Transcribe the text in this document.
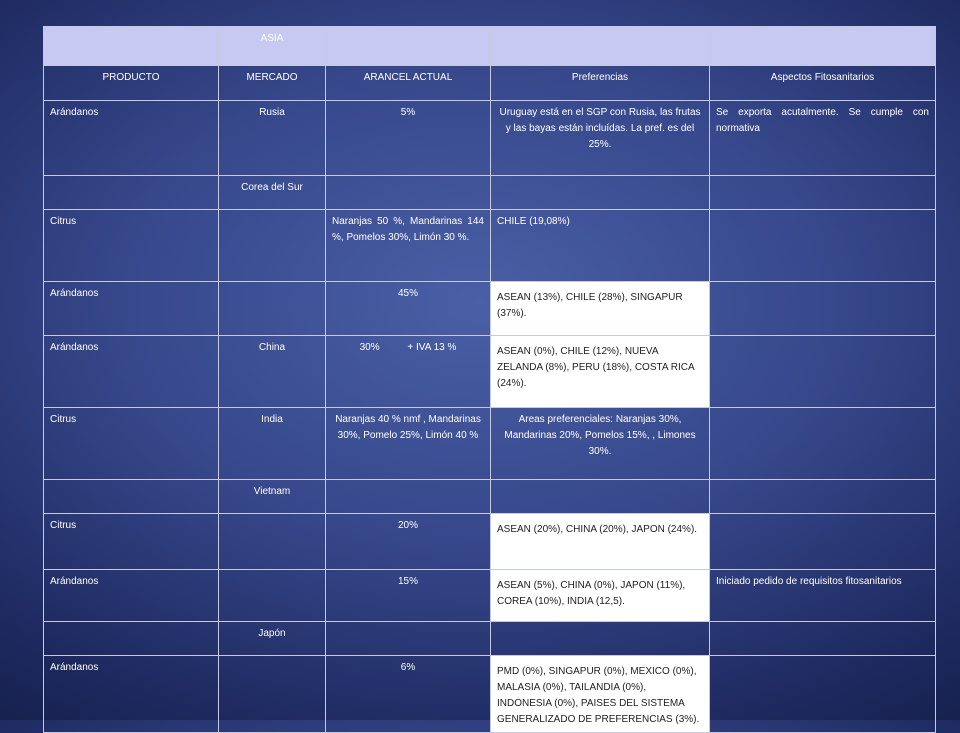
	ASIA			
PRODUCTO	MERCADO	ARANCEL ACTUAL	Preferencias	Aspectos Fitosanitarios
Arándanos	Rusia	5%	Uruguay está en el SGP con Rusia, las frutas y las bayas están incluídas. La pref. es del 25%.	Se exporta acutalmente. Se cumple con normativa
	Corea del Sur			
Citrus		Naranjas 50 %, Mandarinas 144 %, Pomelos 30%, Limón 30 %.	CHILE (19,08%)	
Arándanos		45%	ASEAN (13%), CHILE (28%), SINGAPUR (37%).	
Arándanos	China	30%          + IVA 13 %	ASEAN (0%), CHILE (12%), NUEVA ZELANDA (8%), PERU (18%), COSTA RICA (24%).	
Citrus	India	Naranjas 40 % nmf , Mandarinas 30%, Pomelo 25%, Limón 40 %	Areas preferenciales: Naranjas 30%, Mandarinas 20%, Pomelos 15%, , Limones 30%.	
	Vietnam			
Citrus		20%	ASEAN (20%), CHINA (20%), JAPON (24%).	
Arándanos		15%	ASEAN (5%), CHINA (0%), JAPON (11%), COREA (10%), INDIA (12,5).	Iniciado pedido de requisitos fitosanitarios
	Japón			
Arándanos		6%	PMD (0%), SINGAPUR (0%), MEXICO (0%), MALASIA (0%), TAILANDIA (0%), INDONESIA (0%), PAISES DEL SISTEMA GENERALIZADO DE PREFERENCIAS (3%).	
